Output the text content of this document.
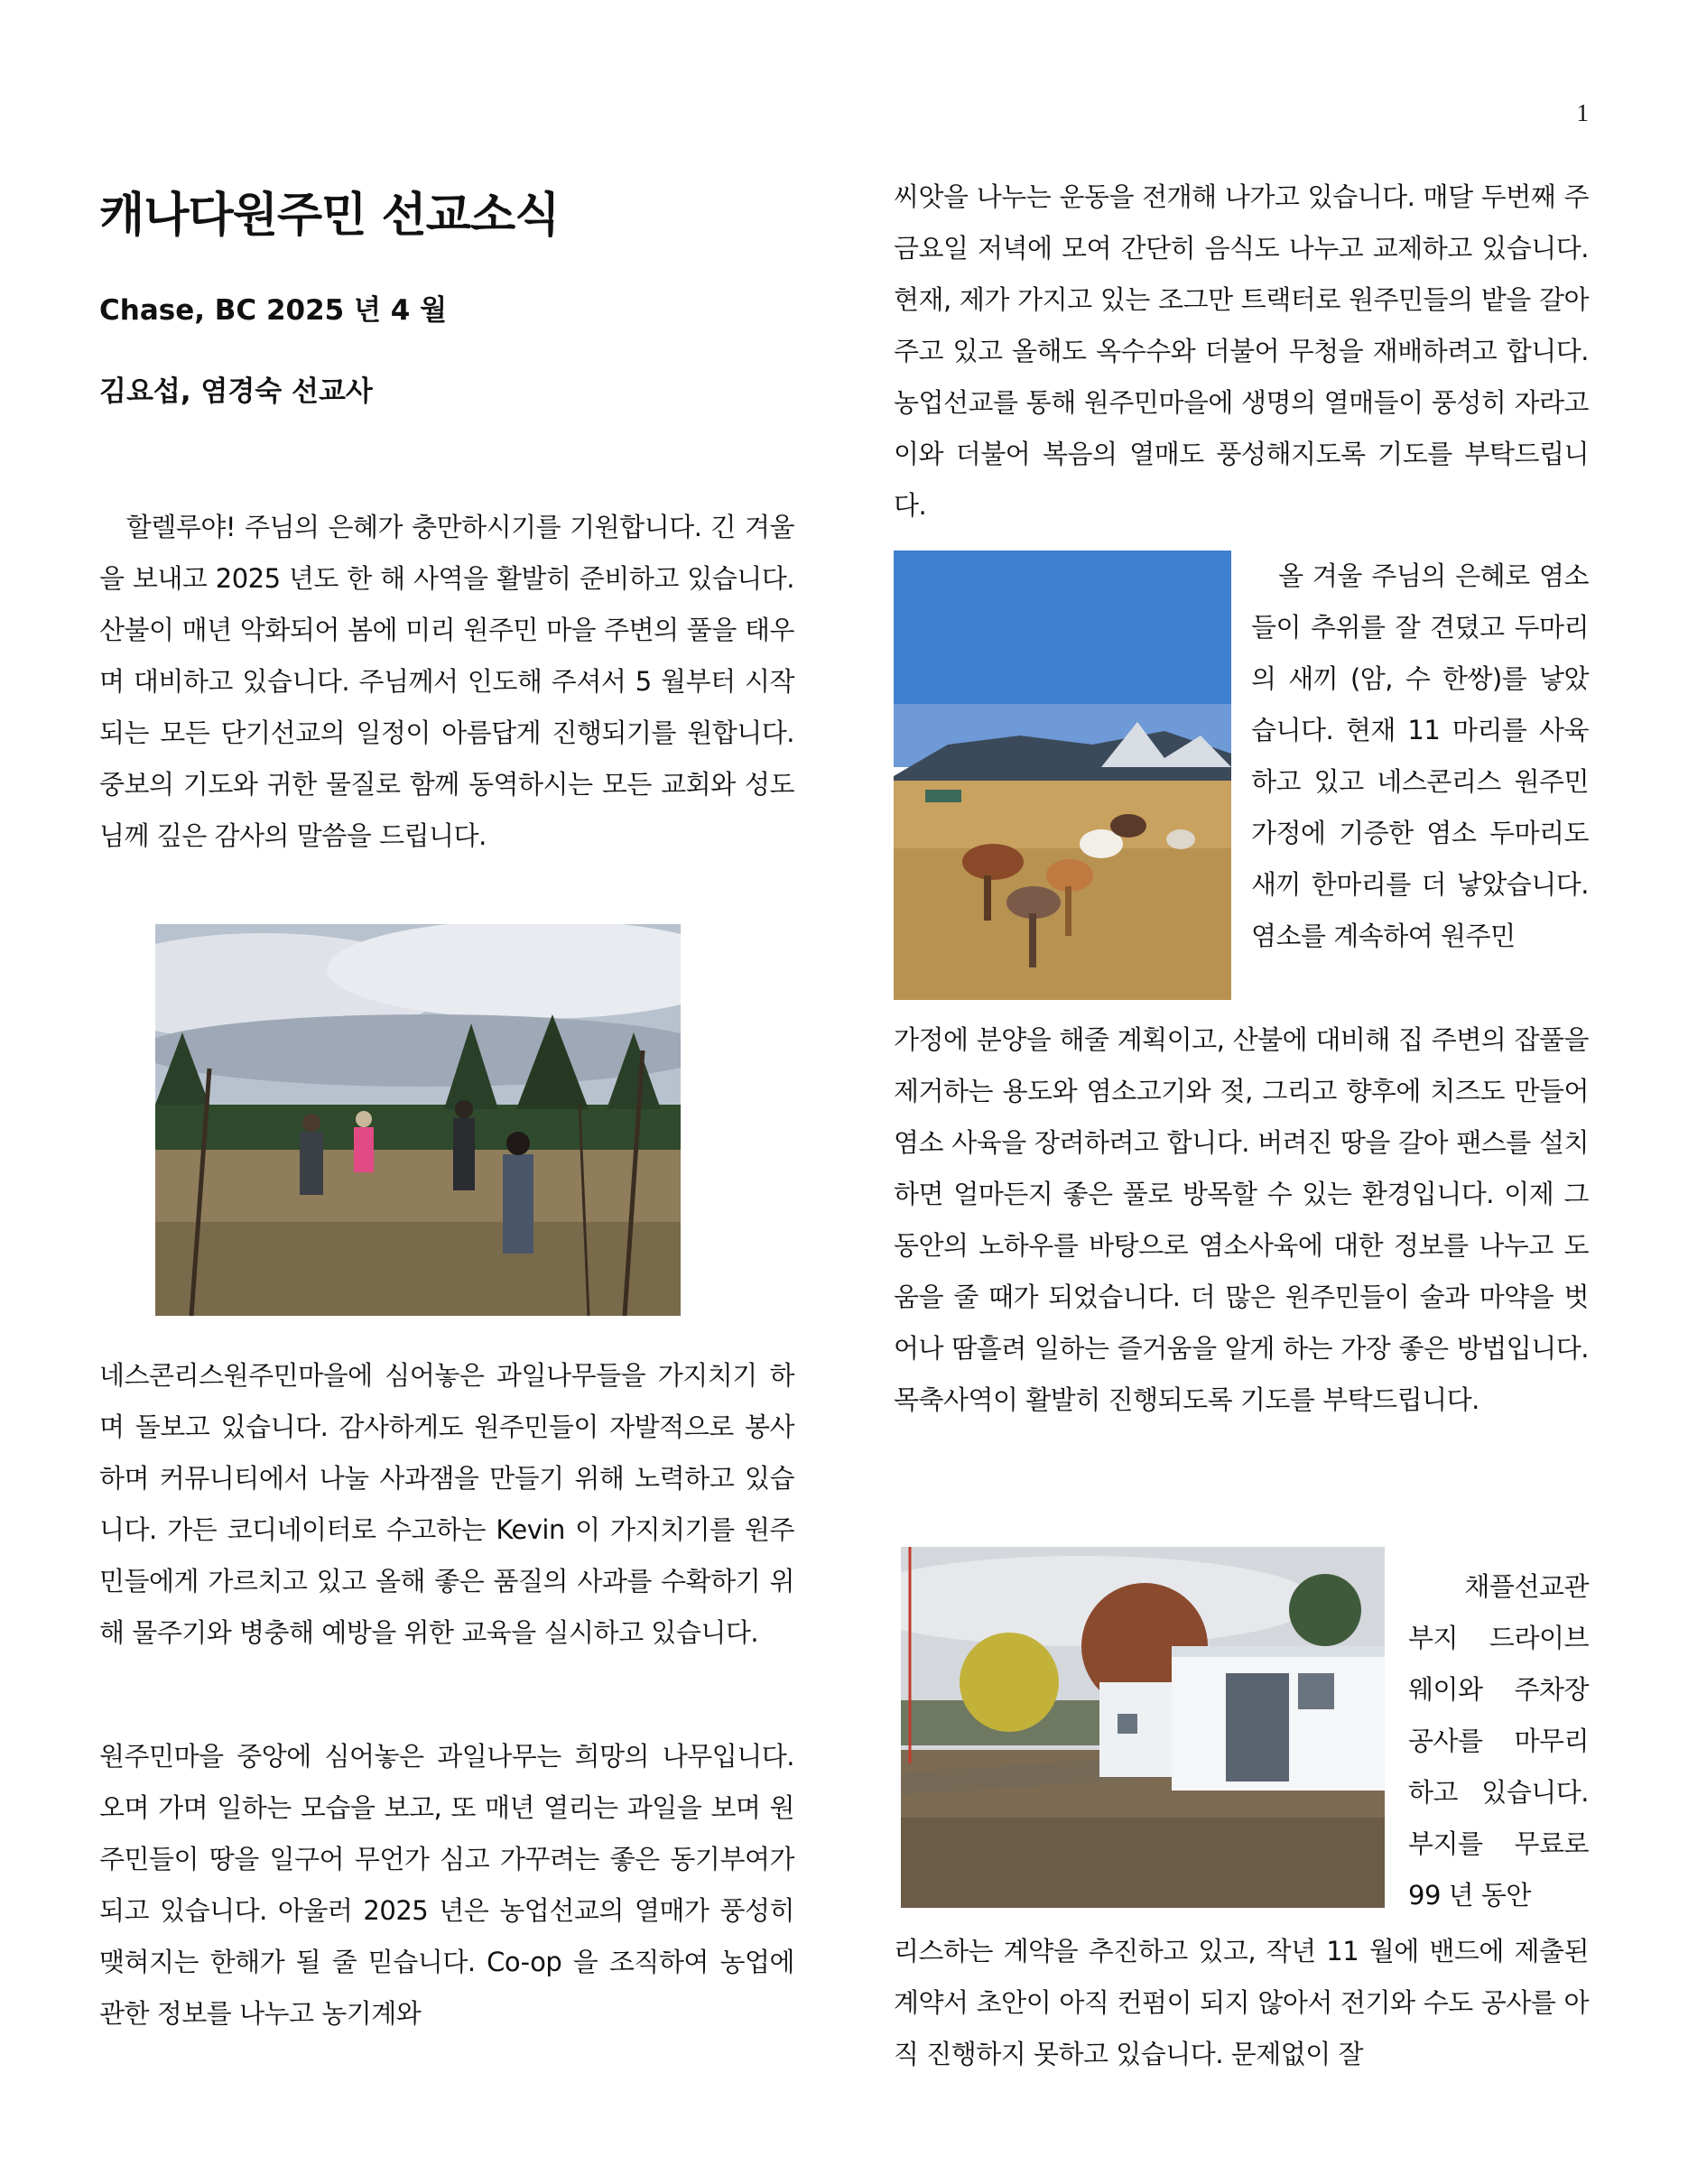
1
캐나다원주민 선교소식
Chase, BC 2025 년 4 월
김요섭, 염경숙 선교사

　할렐루야! 주님의 은혜가 충만하시기를 기원합니다. 긴 겨울을 보내고 2025 년도 한 해 사역을 활발히 준비하고 있습니다. 산불이 매년 악화되어 봄에 미리 원주민 마을 주변의 풀을 태우며 대비하고 있습니다. 주님께서 인도해 주셔서 5 월부터 시작되는 모든 단기선교의 일정이 아름답게 진행되기를 원합니다. 중보의 기도와 귀한 물질로 함께 동역하시는 모든 교회와 성도님께 깊은 감사의 말씀을 드립니다.

네스콘리스원주민마을에 심어놓은 과일나무들을 가지치기 하며 돌보고 있습니다. 감사하게도 원주민들이 자발적으로 봉사하며 커뮤니티에서 나눌 사과잼을 만들기 위해 노력하고 있습니다. 가든 코디네이터로 수고하는 Kevin 이 가지치기를 원주민들에게 가르치고 있고 올해 좋은 품질의 사과를 수확하기 위해 물주기와 병충해 예방을 위한 교육을 실시하고 있습니다.

원주민마을 중앙에 심어놓은 과일나무는 희망의 나무입니다. 오며 가며 일하는 모습을 보고, 또 매년 열리는 과일을 보며 원주민들이 땅을 일구어 무언가 심고 가꾸려는 좋은 동기부여가 되고 있습니다. 아울러 2025 년은 농업선교의 열매가 풍성히 맺혀지는 한해가 될 줄 믿습니다. Co-op 을 조직하여 농업에 관한 정보를 나누고 농기계와

씨앗을 나누는 운동을 전개해 나가고 있습니다. 매달 두번째 주 금요일 저녁에 모여 간단히 음식도 나누고 교제하고 있습니다. 현재, 제가 가지고 있는 조그만 트랙터로 원주민들의 밭을 갈아주고 있고 올해도 옥수수와 더불어 무청을 재배하려고 합니다. 농업선교를 통해 원주민마을에 생명의 열매들이 풍성히 자라고 이와 더불어 복음의 열매도 풍성해지도록 기도를 부탁드립니다.

　올 겨울 주님의 은혜로 염소들이 추위를 잘 견뎠고 두마리의 새끼 (암, 수 한쌍)를 낳았습니다. 현재 11 마리를 사육하고 있고 네스콘리스 원주민 가정에 기증한 염소 두마리도 새끼 한마리를 더 낳았습니다. 염소를 계속하여 원주민

가정에 분양을 해줄 계획이고, 산불에 대비해 집 주변의 잡풀을 제거하는 용도와 염소고기와 젖, 그리고 향후에 치즈도 만들어 염소 사육을 장려하려고 합니다. 버려진 땅을 갈아 팬스를 설치하면 얼마든지 좋은 풀로 방목할 수 있는 환경입니다. 이제 그동안의 노하우를 바탕으로 염소사육에 대한 정보를 나누고 도움을 줄 때가 되었습니다. 더 많은 원주민들이 술과 마약을 벗어나 땀흘려 일하는 즐거움을 알게 하는 가장 좋은 방법입니다. 목축사역이 활발히 진행되도록 기도를 부탁드립니다.

　채플선교관 부지 드라이브 웨이와 주차장 공사를 마무리 하고 있습니다. 부지를 무료로 99 년 동안

리스하는 계약을 추진하고 있고, 작년 11 월에 밴드에 제출된 계약서 초안이 아직 컨펌이 되지 않아서 전기와 수도 공사를 아직 진행하지 못하고 있습니다. 문제없이 잘
